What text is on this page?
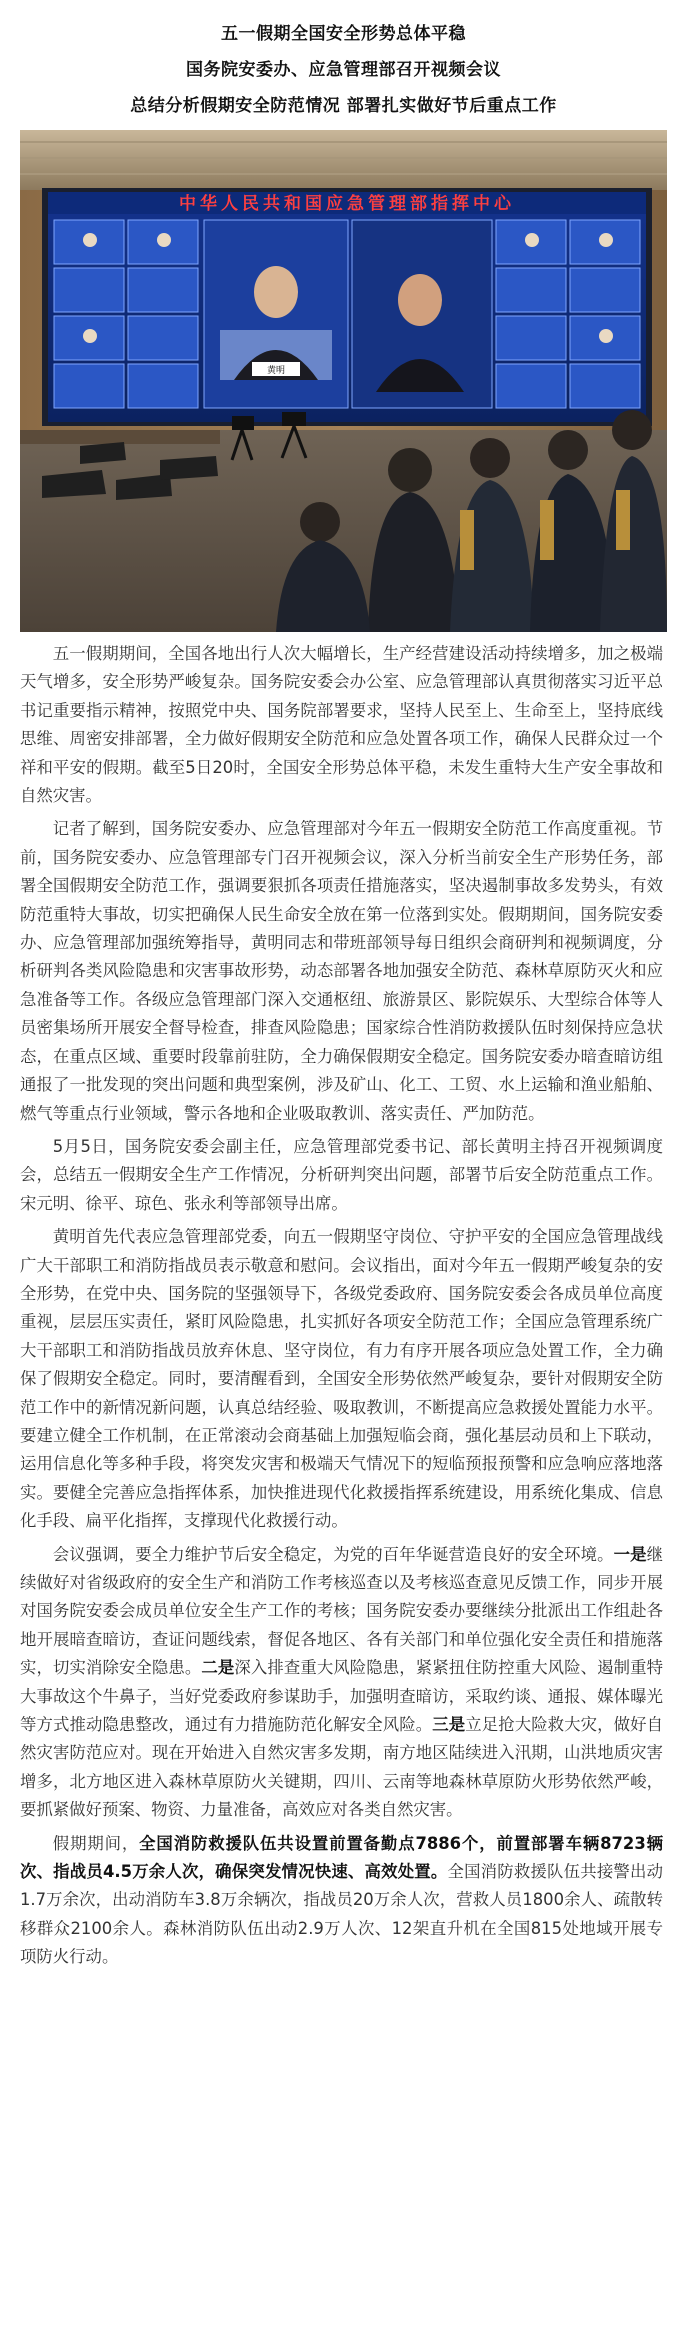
五一假期全国安全形势总体平稳
国务院安委办、应急管理部召开视频会议
总结分析假期安全防范情况 部署扎实做好节后重点工作
中华人民共和国应急管理部指挥中心
黄明

五一假期期间，全国各地出行人次大幅增长，生产经营建设活动持续增多，加之极端天气增多，安全形势严峻复杂。国务院安委会办公室、应急管理部认真贯彻落实习近平总书记重要指示精神，按照党中央、国务院部署要求，坚持人民至上、生命至上，坚持底线思维、周密安排部署，全力做好假期安全防范和应急处置各项工作，确保人民群众过一个祥和平安的假期。截至5日20时，全国安全形势总体平稳，未发生重特大生产安全事故和自然灾害。

记者了解到，国务院安委办、应急管理部对今年五一假期安全防范工作高度重视。节前，国务院安委办、应急管理部专门召开视频会议，深入分析当前安全生产形势任务，部署全国假期安全防范工作，强调要狠抓各项责任措施落实，坚决遏制事故多发势头，有效防范重特大事故，切实把确保人民生命安全放在第一位落到实处。假期期间，国务院安委办、应急管理部加强统筹指导，黄明同志和带班部领导每日组织会商研判和视频调度，分析研判各类风险隐患和灾害事故形势，动态部署各地加强安全防范、森林草原防灭火和应急准备等工作。各级应急管理部门深入交通枢纽、旅游景区、影院娱乐、大型综合体等人员密集场所开展安全督导检查，排查风险隐患；国家综合性消防救援队伍时刻保持应急状态，在重点区域、重要时段靠前驻防，全力确保假期安全稳定。国务院安委办暗查暗访组通报了一批发现的突出问题和典型案例，涉及矿山、化工、工贸、水上运输和渔业船舶、燃气等重点行业领域，警示各地和企业吸取教训、落实责任、严加防范。

5月5日，国务院安委会副主任，应急管理部党委书记、部长黄明主持召开视频调度会，总结五一假期安全生产工作情况，分析研判突出问题，部署节后安全防范重点工作。宋元明、徐平、琼色、张永利等部领导出席。

黄明首先代表应急管理部党委，向五一假期坚守岗位、守护平安的全国应急管理战线广大干部职工和消防指战员表示敬意和慰问。会议指出，面对今年五一假期严峻复杂的安全形势，在党中央、国务院的坚强领导下，各级党委政府、国务院安委会各成员单位高度重视，层层压实责任，紧盯风险隐患，扎实抓好各项安全防范工作；全国应急管理系统广大干部职工和消防指战员放弃休息、坚守岗位，有力有序开展各项应急处置工作，全力确保了假期安全稳定。同时，要清醒看到，全国安全形势依然严峻复杂，要针对假期安全防范工作中的新情况新问题，认真总结经验、吸取教训，不断提高应急救援处置能力水平。要建立健全工作机制，在正常滚动会商基础上加强短临会商，强化基层动员和上下联动，运用信息化等多种手段，将突发灾害和极端天气情况下的短临预报预警和应急响应落地落实。要健全完善应急指挥体系，加快推进现代化救援指挥系统建设，用系统化集成、信息化手段、扁平化指挥，支撑现代化救援行动。

会议强调，要全力维护节后安全稳定，为党的百年华诞营造良好的安全环境。一是继续做好对省级政府的安全生产和消防工作考核巡查以及考核巡查意见反馈工作，同步开展对国务院安委会成员单位安全生产工作的考核；国务院安委办要继续分批派出工作组赴各地开展暗查暗访，查证问题线索，督促各地区、各有关部门和单位强化安全责任和措施落实，切实消除安全隐患。二是深入排查重大风险隐患，紧紧扭住防控重大风险、遏制重特大事故这个牛鼻子，当好党委政府参谋助手，加强明查暗访，采取约谈、通报、媒体曝光等方式推动隐患整改，通过有力措施防范化解安全风险。三是立足抢大险救大灾，做好自然灾害防范应对。现在开始进入自然灾害多发期，南方地区陆续进入汛期，山洪地质灾害增多，北方地区进入森林草原防火关键期，四川、云南等地森林草原防火形势依然严峻，要抓紧做好预案、物资、力量准备，高效应对各类自然灾害。

假期期间，全国消防救援队伍共设置前置备勤点7886个，前置部署车辆8723辆次、指战员4.5万余人次，确保突发情况快速、高效处置。全国消防救援队伍共接警出动1.7万余次，出动消防车3.8万余辆次，指战员20万余人次，营救人员1800余人、疏散转移群众2100余人。森林消防队伍出动2.9万人次、12架直升机在全国815处地域开展专项防火行动。
